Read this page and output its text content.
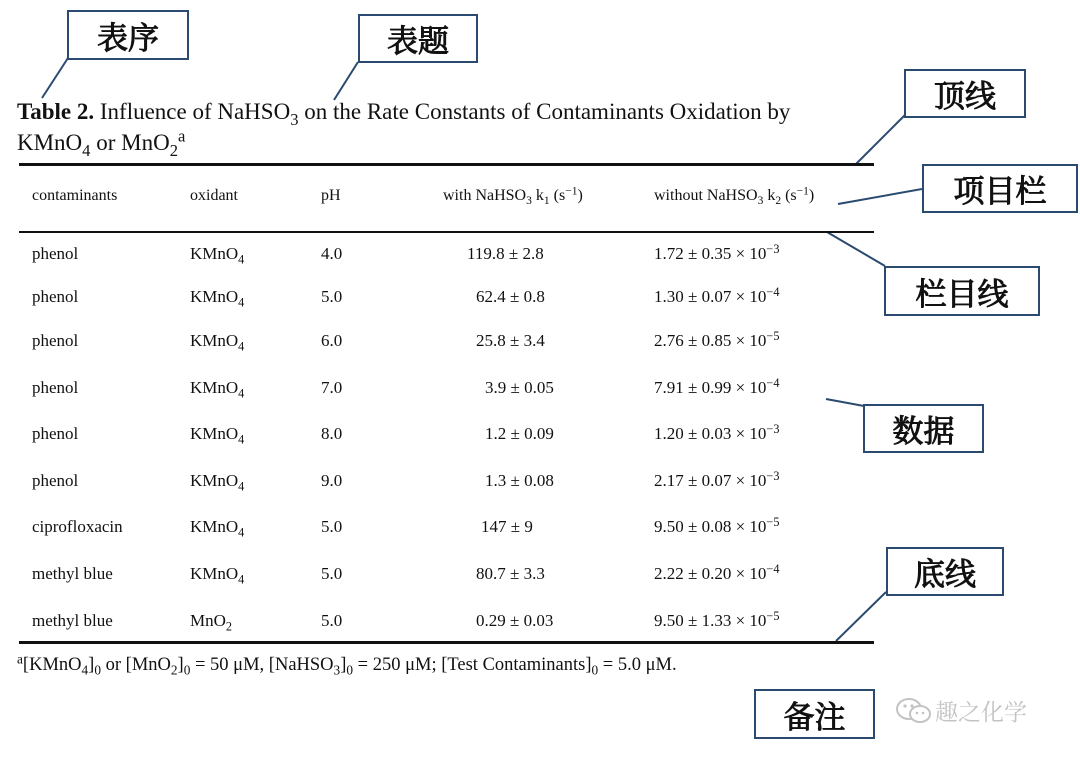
表序	表题
顶线
项目栏
栏目线
数据
底线
备注
Table 2. Influence of NaHSO$_3$ on the Rate Constants of Contaminants Oxidation by KMnO$_4$ or MnO$_2^a$
contaminants	oxidant	pH	with NaHSO$_3$ $k_1$ $(s^{-1})$	without NaHSO$_3$ $k_2$ $(s^{-1})$
phenol	KMnO$_4$	4.0	119.8 ± 2.8	$1.72 \pm 0.35 \times 10^{-3}$
phenol	KMnO$_4$	5.0	62.4 ± 0.8	$1.30 \pm 0.07 \times 10^{-4}$
phenol	KMnO$_4$	6.0	25.8 ± 3.4	$2.76 \pm 0.85 \times 10^{-5}$
phenol	KMnO$_4$	7.0	3.9 ± 0.05	$7.91 \pm 0.99 \times 10^{-4}$
phenol	KMnO$_4$	8.0	1.2 ± 0.09	$1.20 \pm 0.03 \times 10^{-3}$
phenol	KMnO$_4$	9.0	1.3 ± 0.08	$2.17 \pm 0.07 \times 10^{-3}$
ciprofloxacin	KMnO$_4$	5.0	147 ± 9	$9.50 \pm 0.08 \times 10^{-5}$
methyl blue	KMnO$_4$	5.0	80.7 ± 3.3	$2.22 \pm 0.20 \times 10^{-4}$
methyl blue	MnO$_2$	5.0	0.29 ± 0.03	$9.50 \pm 1.33 \times 10^{-5}$
$^a[KMnO_4]_0$ or $[MnO_2]_0 = 50$ μM, $[NaHSO_3]_0 = 250$ μM; [Test $Contaminants]_0 = 5.0$ μM.
趣之化学
